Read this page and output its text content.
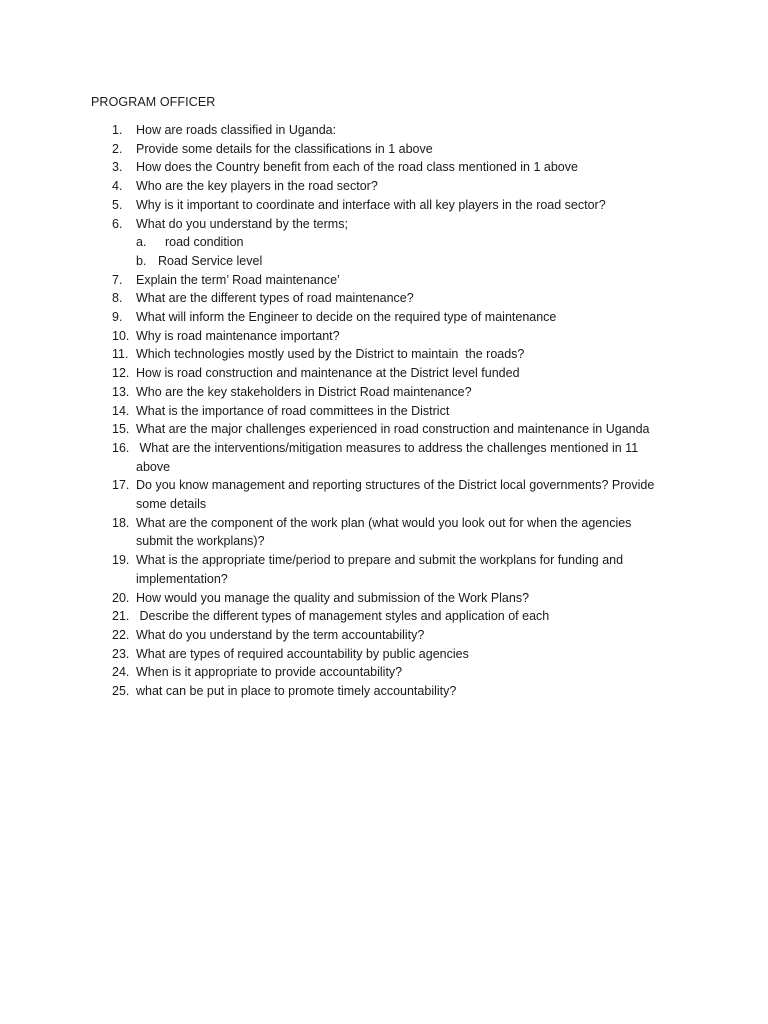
PROGRAM OFFICER
1. How are roads classified in Uganda:
2. Provide some details for the classifications in 1 above
3. How does the Country benefit from each of the road class mentioned in 1 above
4. Who are the key players in the road sector?
5. Why is it important to coordinate and interface with all key players in the road sector?
6. What do you understand by the terms;
a. road condition
b. Road Service level
7. Explain the term’ Road maintenance’
8. What are the different types of road maintenance?
9. What will inform the Engineer to decide on the required type of maintenance
10. Why is road maintenance important?
11. Which technologies mostly used by the District to maintain  the roads?
12. How is road construction and maintenance at the District level funded
13. Who are the key stakeholders in District Road maintenance?
14. What is the importance of road committees in the District
15. What are the major challenges experienced in road construction and maintenance in Uganda
16. What are the interventions/mitigation measures to address the challenges mentioned in 11 above
17. Do you know management and reporting structures of the District local governments? Provide some details
18. What are the component of the work plan (what would you look out for when the agencies submit the workplans)?
19. What is the appropriate time/period to prepare and submit the workplans for funding and implementation?
20. How would you manage the quality and submission of the Work Plans?
21. Describe the different types of management styles and application of each
22. What do you understand by the term accountability?
23. What are types of required accountability by public agencies
24. When is it appropriate to provide accountability?
25. what can be put in place to promote timely accountability?
